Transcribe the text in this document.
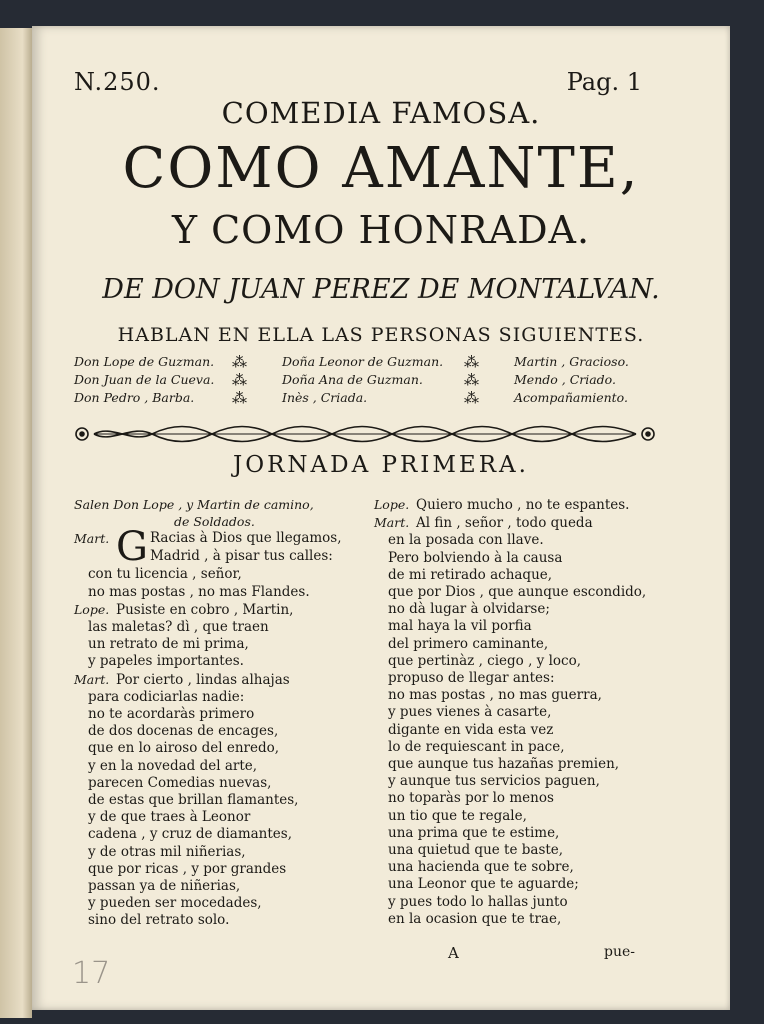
N.250.	Pag. 1
COMEDIA FAMOSA.
COMO AMANTE,
Y COMO HONRADA.
DE DON JUAN PEREZ DE MONTALVAN.
HABLAN EN ELLA LAS PERSONAS SIGUIENTES.
Don Lope de Guzman.
Don Juan de la Cueva.
Don Pedro , Barba.
⁂
⁂
⁂
Doña Leonor de Guzman.
Doña Ana de Guzman.
Inès , Criada.
⁂
⁂
⁂
Martin , Gracioso.
Mendo , Criado.
Acompañamiento.
JORNADA PRIMERA.
Salen Don Lope , y Martin de camino,
de Soldados.
Mart. G Racias à Dios que llegamos,
Madrid , à pisar tus calles:
con tu licencia , señor,
no mas postas , no mas Flandes.
Lope. Pusiste en cobro , Martin,
las maletas? dì , que traen
un retrato de mi prima,
y papeles importantes.
Mart. Por cierto , lindas alhajas
para codiciarlas nadie:
no te acordaràs primero
de dos docenas de encages,
que en lo airoso del enredo,
y en la novedad del arte,
parecen Comedias nuevas,
de estas que brillan flamantes,
y de que traes à Leonor
cadena , y cruz de diamantes,
y de otras mil niñerias,
que por ricas , y por grandes
passan ya de niñerias,
y pueden ser mocedades,
sino del retrato solo.
Lope. Quiero mucho , no te espantes.
Mart. Al fin , señor , todo queda
en la posada con llave.
Pero bolviendo à la causa
de mi retirado achaque,
que por Dios , que aunque escondido,
no dà lugar à olvidarse;
mal haya la vil porfia
del primero caminante,
que pertinàz , ciego , y loco,
propuso de llegar antes:
no mas postas , no mas guerra,
y pues vienes à casarte,
digante en vida esta vez
lo de requiescant in pace,
que aunque tus hazañas premien,
y aunque tus servicios paguen,
no toparàs por lo menos
un tio que te regale,
una prima que te estime,
una quietud que te baste,
una hacienda que te sobre,
una Leonor que te aguarde;
y pues todo lo hallas junto
en la ocasion que te trae,
A	pue-
17
